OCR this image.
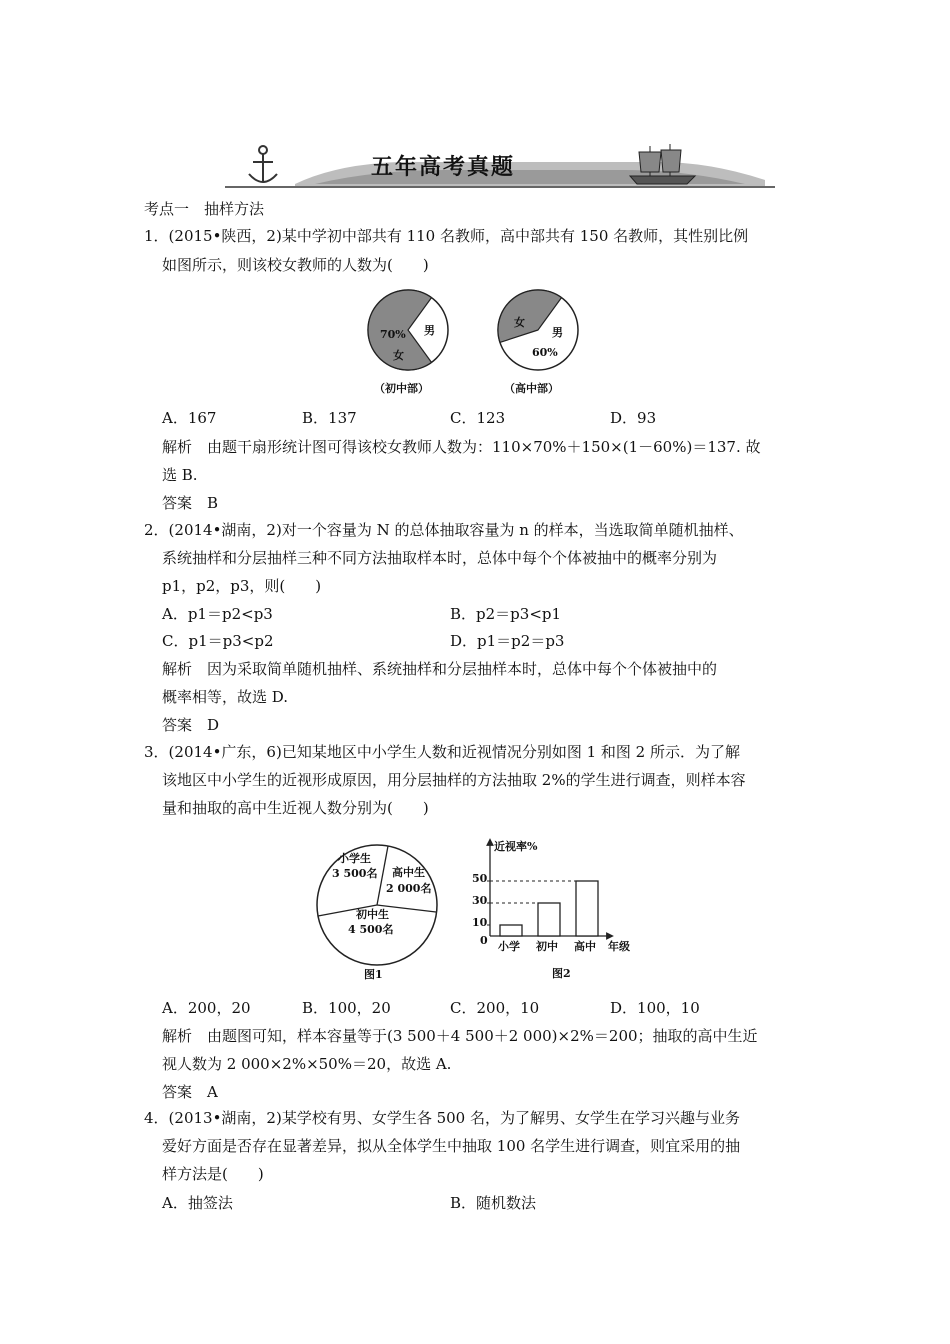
五年高考真题
考点一　抽样方法
1．(2015•陕西，2)某中学初中部共有 110 名教师，高中部共有 150 名教师，其性别比例
如图所示，则该校女教师的人数为(　　)
70%
女
男
（初中部）
女
男
60%
（高中部）
A．167	B．137	C．123	D．93
解析　由题干扇形统计图可得该校女教师人数为：110×70%＋150×(1－60%)＝137. 故
选 B.
答案　B
2．(2014•湖南，2)对一个容量为 N 的总体抽取容量为 n 的样本，当选取简单随机抽样、
系统抽样和分层抽样三种不同方法抽取样本时，总体中每个个体被抽中的概率分别为
p1，p2，p3，则(　　)
A．p1＝p2<p3	B．p2＝p3<p1
C．p1＝p3<p2	D．p1＝p2＝p3
解析　因为采取简单随机抽样、系统抽样和分层抽样本时，总体中每个个体被抽中的
概率相等，故选 D.
答案　D
3．(2014•广东，6)已知某地区中小学生人数和近视情况分别如图 1 和图 2 所示．为了解
该地区中小学生的近视形成原因，用分层抽样的方法抽取 2%的学生进行调查，则样本容
量和抽取的高中生近视人数分别为(　　)
小学生
3 500名 高中生
2 000名
初中生
4 500名
图1
近视率%
0
10
30
50
小学 初中 高中 年级
图2
A．200，20	B．100，20	C．200，10	D．100，10
解析　由题图可知，样本容量等于(3 500＋4 500＋2 000)×2%＝200；抽取的高中生近
视人数为 2 000×2%×50%＝20，故选 A.
答案　A
4．(2013•湖南，2)某学校有男、女学生各 500 名，为了解男、女学生在学习兴趣与业务
爱好方面是否存在显著差异，拟从全体学生中抽取 100 名学生进行调查，则宜采用的抽
样方法是(　　)
A．抽签法	B．随机数法
